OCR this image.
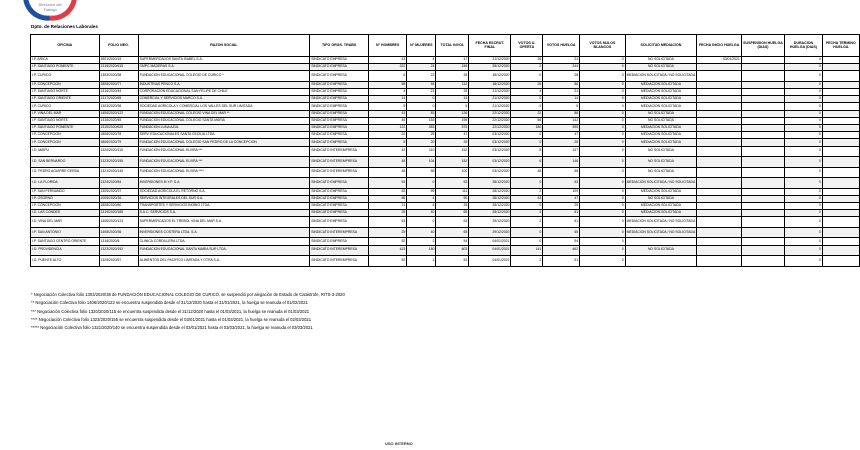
Dirección del
Trabajo
Dpto. de Relaciones Laborales
OFICINA	FOLIO NEG.	RAZON SOCIAL	TIPO ORGS. TRABS	N° HOMBRES	N° MUJERES	TOTAL INVOL	FECHA ESCRUT. FINAL	VOTOS U. OFERTA	VOTOS HUELGA	VOTOS NULOS BLANCOS	SOLICITUD MEDIACION	FECHA INICIO HUELGA	SUSPENSION HUELGA (DIAS)	DURACION HUELGA (DIAS)	FECHA TERMINO HUELGA
I.P. ARICA	1501/2020/15	SUPERMERCADOS SANTA ISABEL S.A.	SINDICATO EMPRESA	43	4	47	21/12/2020	26	21	0	NO SOLICITADA	03/01/2021		4	
I.P. SANTIAGO PONIENTE	1315/2020/615	CMPC MADERAS S.A.	SINDICATO EMPRESA	222	24	246	28/12/2020	2	244	0	NO SOLICITADA			0	
I.P. CURICO	1303/2020/38	FUNDACION EDUCACIONAL COLEGIO DE CURICO *	SINDICATO EMPRESA	6	22	28	18/12/2020	0	28	0	MEDIACION SOLICITADA / NO SOLICITADA			0	
I.P. CONCEPCION	1808/2020/77	INDUSTRIAS PENCO S.A.	SINDICATO EMPRESA	58	54	112	18/12/2020	26	86	0	MEDIACION SOLICITADA			0	
I.P. SANTIAGO NORTE	1316/2020/44	CORPORACION EDUCACIONAL SAN FELIPE DE CHILE	SINDICATO EMPRESA	4	21	25	21/12/2020	4	21	0	MEDIACION SOLICITADA			0	
I.P. SANTIAGO ORIENTE	1317/2020/65	COMERCIAL Y SERVICIOS MARCO S.A.	SINDICATO EMPRESA	14	0	14	21/12/2020	0	14	0	MEDIACION SOLICITADA			0	
I.P. CURICO	1303/2020/36	SOCIEDAD AGRICOLA Y COMERCIAL LOS VALLES DEL SUR LIMITADA	SINDICATO EMPRESA	5	0	5	21/12/2020	0	5	0	MEDIACION SOLICITADA			0	
I.P. VINA DEL MAR	1406/2020/122	FUNDACION EDUCACIONAL COLEGIO VINA DEL MAR **	SINDICATO EMPRESA	43	83	126	22/12/2020	22	88	0	NO SOLICITADA			0	
I.P. SANTIAGO NORTE	1316/2020/45	FUNDACION EDUCACIONAL COLEGIO SANTA MARIA	SINDICATO EMPRESA	45	153	198	22/12/2020	56	142	0	NO SOLICITADA			0	
I.P. SANTIAGO PONIENTE	1315/2020/620	FUNDACION LUNA AZUL	SINDICATO EMPRESA	122	453	575	22/12/2020	180	395	0	MEDIACION SOLICITADA			0	
I.P. CONCEPCION	1808/2020/78	SERV. EDUCACIONALES SANTA CECILIA LTDA.	SINDICATO EMPRESA	22	25	47	03/12/2020	0	47	0	MEDIACION SOLICITADA			0	
I.P. CONCEPCION	1808/2020/79	FUNDACION EDUCACIONAL COLEGIO SAN PEDRO DE LA CONCEPCION	SINDICATO EMPRESA	5	20	25	03/12/2020	0	25	0	MEDIACION SOLICITADA			0	
I.D. MAIPU	1320/2020/115	FUNDACION EDUCACIONAL ELVIRA ***	SINDICATO INTEREMPRESA	42	110	152	03/12/2020	5	147	0	NO SOLICITADA			0	
I.D. SAN BERNARDO	1323/2020/155	FUNDACION EDUCACIONAL ELVIRA ***	SINDICATO INTEREMPRESA	48	104	152	03/12/2020	6	146	0	NO SOLICITADA			0	
I.D. PEDRO AGUIRRE CERDA	1321/2020/140	FUNDACION EDUCACIONAL ELVIRA ****	SINDICATO INTEREMPRESA	45	55	100	03/12/2020	45	55	0	NO SOLICITADA			0	
I.D. LA FLORIDA	1324/2020/84	INVERSIONES M.Y.P. S.A.	SINDICATO EMPRESA	53	0	53	28/12/2020	0	53	0	MEDIACION SOLICITADA / NO SOLICITADA			0	
I.P. SAN FERNANDO	1305/2020/37	SOCIEDAD AGRICOLA EL RETORNO S.A.	SINDICATO EMPRESA	52	59	111	28/12/2020	2	109	0	MEDIACION SOLICITADA			0	
I.P. OSORNO	1005/2020/26	SERVICIOS INTEGRALES DEL SUR S.A.	SINDICATO EMPRESA	86	4	90	28/12/2020	43	47	0	NO SOLICITADA			0	
I.P. CONCEPCION	1808/2020/80	TRANSPORTES Y SERVICIOS BIOBIO LTDA.	SINDICATO EMPRESA	21	4	25	28/12/2020	0	25	0	MEDIACION SOLICITADA			0	
I.D. LAS CONDES	1319/2020/165	S.A.C. SERVICIOS S.A.	SINDICATO EMPRESA	25	40	65	28/12/2020	4	61	0	MEDIACION SOLICITADA			0	
I.D. VINA DEL MAR	1406/2020/123	SUPERMERCADOS EL TREBOL VINA DEL MAR S.A.	SINDICATO EMPRESA	63	0	63	29/12/2020	2	61	0	MEDIACION SOLICITADA / NO SOLICITADA			0	
I.P. SAN ANTONIO	1408/2020/36	INVERSIONES COSTERA LTDA. S.A.	SINDICATO INTEREMPRESA	25	40	65	29/12/2020	0	65	0	MEDIACION SOLICITADA / NO SOLICITADA			0	
I.P. SANTIAGO CENTRO ORIENTE	1318/2020/8	CLINICA CORDILLERA LTDA.	SINDICATO EMPRESA	52	2	54	04/01/2021	0	54	0				0	
I.D. PROVIDENCIA	1322/2020/192	FUNDACION EDUCACIONAL SANTA MARIA SUR LTDA.	SINDICATO INTEREMPRESA	423	180	603	04/01/2021	141	462	0	NO SOLICITADA			0	
I.D. PUENTE ALTO	1325/2020/57	ALIMENTOS DEL PACIFICO LIMITADA Y OTRA S.A.	SINDICATO INTEREMPRESA	52	1	53	04/01/2021	2	51	0				0	
* Negociación Colectiva folio 1303/2020/38 de FUNDACIÓN EDUCACIONAL COLEGIO DE CURICÓ, se suspendió por alegación de Estado de Catástrofe, RITS-3-2020
** Negociación Colectiva folio 1406/2020/122 se encuentra suspendida desde el 31/12/2020 hasta el 31/01/2021, la huelga se reanuda el 01/02/2021
*** Negociación Colectiva folio 1320/2020/115 se encuentra suspendida desde el 31/12/2020 hasta el 01/03/2021, la huelga se reanuda el 01/03/2021
**** Negociación Colectiva folio 1323/2020/155 se encuentra suspendida desde el 03/01/2021 hasta el 01/03/2021, la huelga se reanuda el 02/03/2021
***** Negociación Colectiva folio 1321/2020/140 se encuentra suspendida desde el 03/01/2021 hasta el 03/03/2021, la huelga se reanuda el 03/03/2021
USO INTERNO
